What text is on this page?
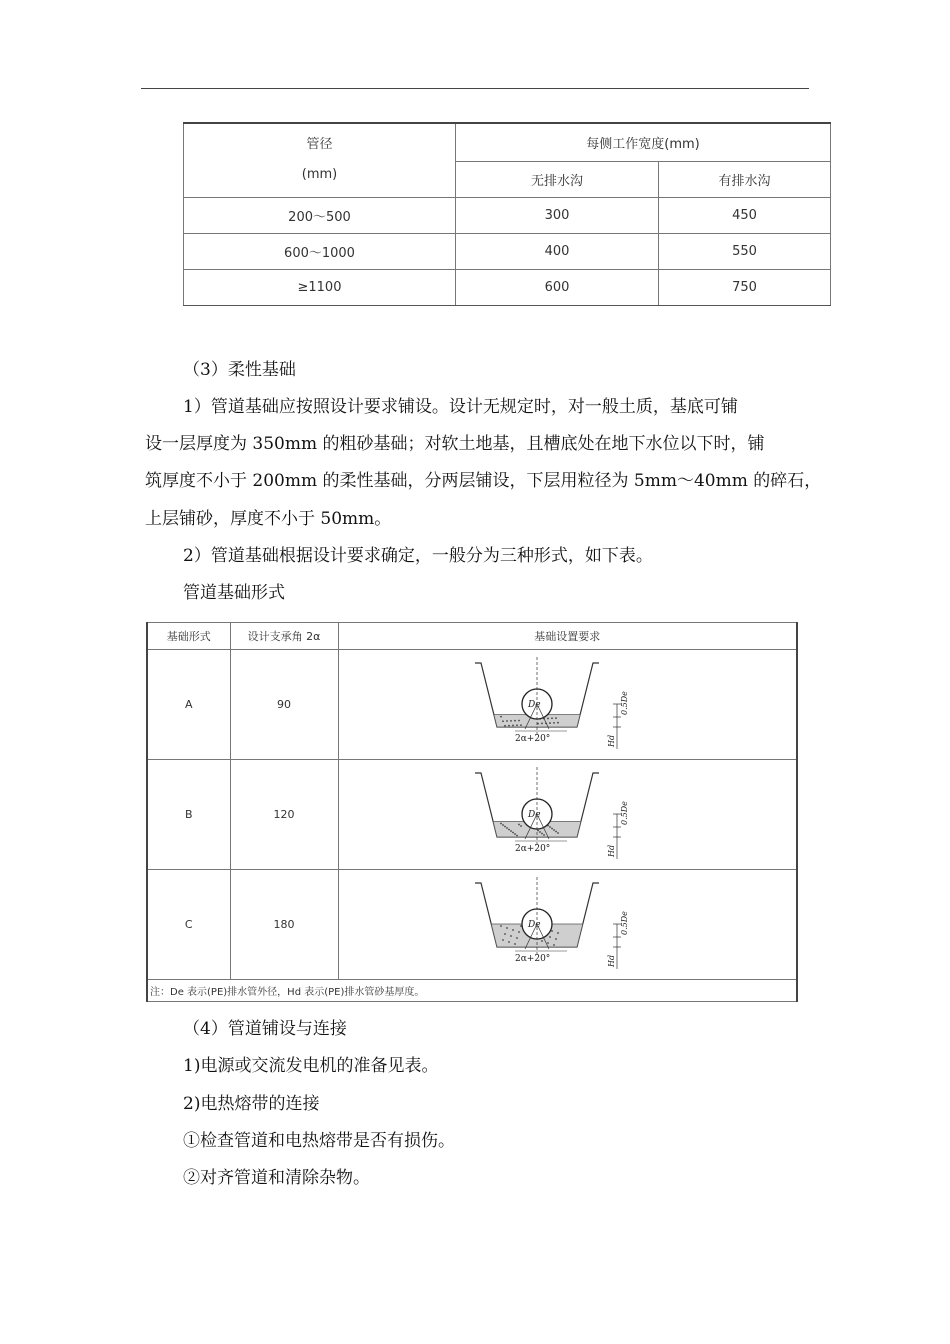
管径
(mm)	每侧工作宽度(mm)	
	无排水沟	有排水沟
200～500	300	450
600～1000	400	550
≥1100	600	750
（3）柔性基础
1）管道基础应按照设计要求铺设。设计无规定时，对一般土质，基底可铺
设一层厚度为 350mm 的粗砂基础；对软土地基，且槽底处在地下水位以下时，铺
筑厚度不小于 200mm 的柔性基础，分两层铺设，下层用粒径为 5mm～40mm 的碎石，
上层铺砂，厚度不小于 50mm。
2）管道基础根据设计要求确定，一般分为三种形式，如下表。
管道基础形式
基础形式	设计支承角 2α	基础设置要求
A	90	De
2α+20°
0.5De
Hd

B	120	De
2α+20°
0.5De
Hd

C	180	De
2α+20°
0.5De
Hd

注：De 表示(PE)排水管外径，Hd 表示(PE)排水管砂基厚度。		
（4）管道铺设与连接
1)电源或交流发电机的准备见表。
2)电热熔带的连接
①检查管道和电热熔带是否有损伤。
②对齐管道和清除杂物。
